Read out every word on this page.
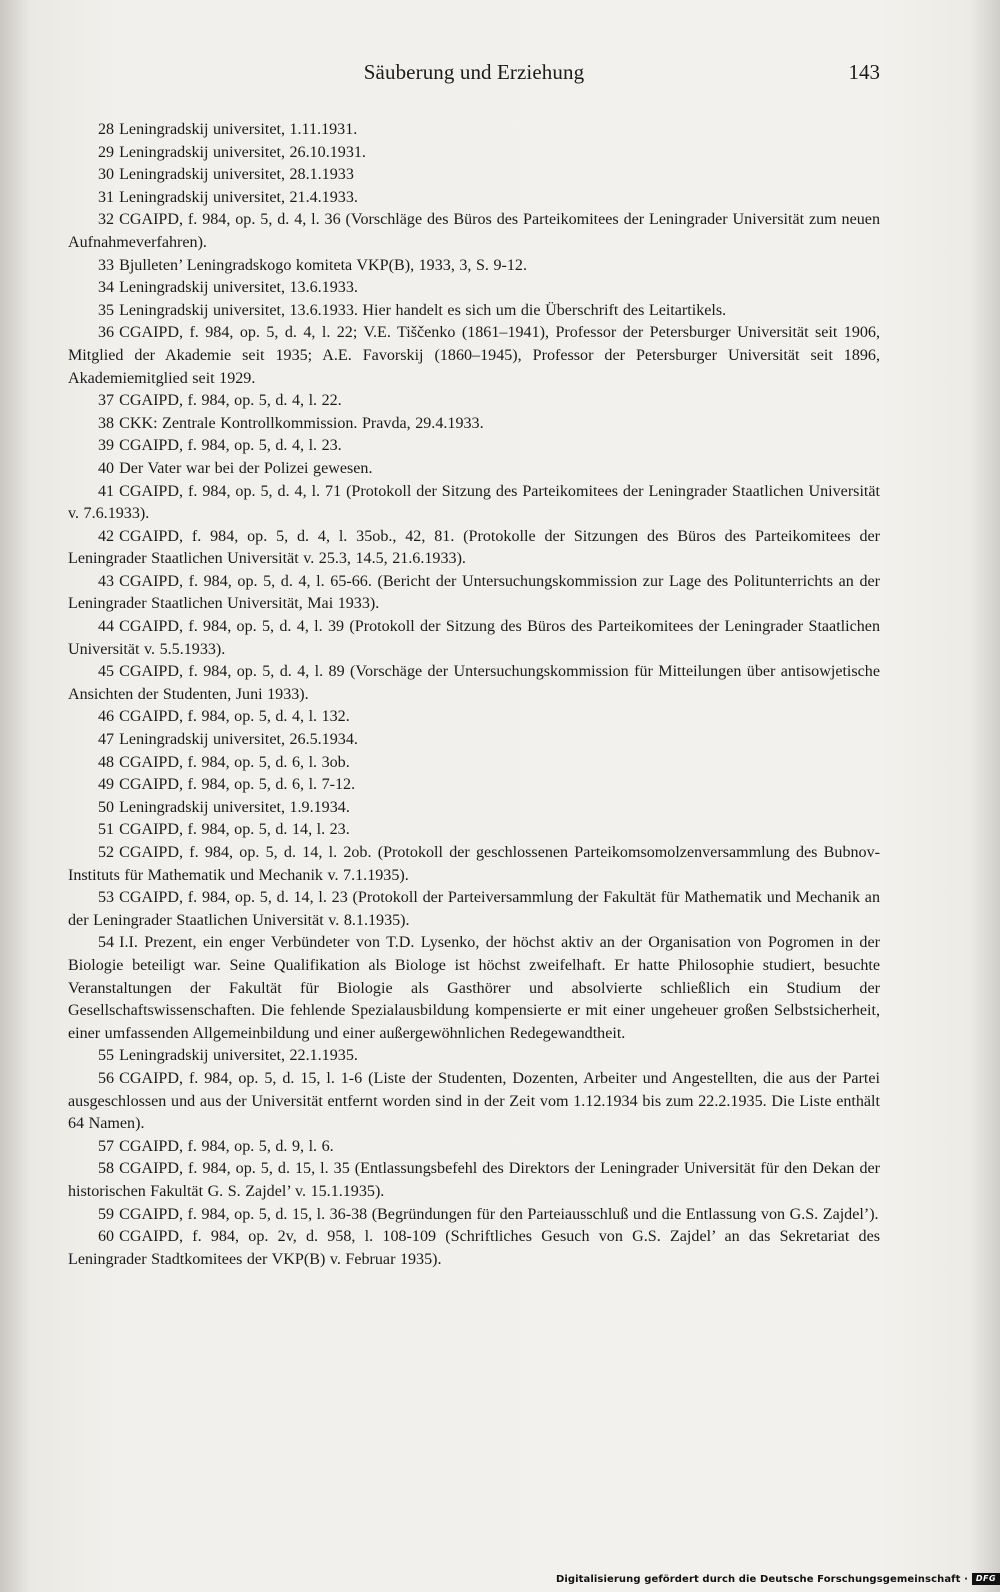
Säuberung und Erziehung	143

28 Leningradskij universitet, 1.11.1931.

29 Leningradskij universitet, 26.10.1931.

30 Leningradskij universitet, 28.1.1933

31 Leningradskij universitet, 21.4.1933.

32 CGAIPD, f. 984, op. 5, d. 4, l. 36 (Vorschläge des Büros des Parteikomitees der Leningrader Universität zum neuen Aufnahmeverfahren).

33 Bjulleten’ Leningradskogo komiteta VKP(B), 1933, 3, S. 9-12.

34 Leningradskij universitet, 13.6.1933.

35 Leningradskij universitet, 13.6.1933. Hier handelt es sich um die Überschrift des Leitartikels.

36 CGAIPD, f. 984, op. 5, d. 4, l. 22; V.E. Tiščenko (1861–1941), Professor der Petersburger Universität seit 1906, Mitglied der Akademie seit 1935; A.E. Favorskij (1860–1945), Professor der Petersburger Universität seit 1896, Akademiemitglied seit 1929.

37 CGAIPD, f. 984, op. 5, d. 4, l. 22.

38 CKK: Zentrale Kontrollkommission. Pravda, 29.4.1933.

39 CGAIPD, f. 984, op. 5, d. 4, l. 23.

40 Der Vater war bei der Polizei gewesen.

41 CGAIPD, f. 984, op. 5, d. 4, l. 71 (Protokoll der Sitzung des Parteikomitees der Leningrader Staatlichen Universität v. 7.6.1933).

42 CGAIPD, f. 984, op. 5, d. 4, l. 35ob., 42, 81. (Protokolle der Sitzungen des Büros des Parteikomitees der Leningrader Staatlichen Universität v. 25.3, 14.5, 21.6.1933).

43 CGAIPD, f. 984, op. 5, d. 4, l. 65-66. (Bericht der Untersuchungskommission zur Lage des Politunterrichts an der Leningrader Staatlichen Universität, Mai 1933).

44 CGAIPD, f. 984, op. 5, d. 4, l. 39 (Protokoll der Sitzung des Büros des Parteikomitees der Leningrader Staatlichen Universität v. 5.5.1933).

45 CGAIPD, f. 984, op. 5, d. 4, l. 89 (Vorschäge der Untersuchungskommission für Mitteilungen über antisowjetische Ansichten der Studenten, Juni 1933).

46 CGAIPD, f. 984, op. 5, d. 4, l. 132.

47 Leningradskij universitet, 26.5.1934.

48 CGAIPD, f. 984, op. 5, d. 6, l. 3ob.

49 CGAIPD, f. 984, op. 5, d. 6, l. 7-12.

50 Leningradskij universitet, 1.9.1934.

51 CGAIPD, f. 984, op. 5, d. 14, l. 23.

52 CGAIPD, f. 984, op. 5, d. 14, l. 2ob. (Protokoll der geschlossenen Parteikomsomolzenversammlung des Bubnov-Instituts für Mathematik und Mechanik v. 7.1.1935).

53 CGAIPD, f. 984, op. 5, d. 14, l. 23 (Protokoll der Parteiversammlung der Fakultät für Mathematik und Mechanik an der Leningrader Staatlichen Universität v. 8.1.1935).

54 I.I. Prezent, ein enger Verbündeter von T.D. Lysenko, der höchst aktiv an der Organisation von Pogromen in der Biologie beteiligt war. Seine Qualifikation als Biologe ist höchst zweifelhaft. Er hatte Philosophie studiert, besuchte Veranstaltungen der Fakultät für Biologie als Gasthörer und absolvierte schließlich ein Studium der Gesellschaftswissenschaften. Die fehlende Spezialausbildung kompensierte er mit einer ungeheuer großen Selbstsicherheit, einer umfassenden Allgemeinbildung und einer außergewöhnlichen Redegewandtheit.

55 Leningradskij universitet, 22.1.1935.

56 CGAIPD, f. 984, op. 5, d. 15, l. 1-6 (Liste der Studenten, Dozenten, Arbeiter und Angestellten, die aus der Partei ausgeschlossen und aus der Universität entfernt worden sind in der Zeit vom 1.12.1934 bis zum 22.2.1935. Die Liste enthält 64 Namen).

57 CGAIPD, f. 984, op. 5, d. 9, l. 6.

58 CGAIPD, f. 984, op. 5, d. 15, l. 35 (Entlassungsbefehl des Direktors der Leningrader Universität für den Dekan der historischen Fakultät G. S. Zajdel’ v. 15.1.1935).

59 CGAIPD, f. 984, op. 5, d. 15, l. 36-38 (Begründungen für den Parteiausschluß und die Entlassung von G.S. Zajdel’).

60 CGAIPD, f. 984, op. 2v, d. 958, l. 108-109 (Schriftliches Gesuch von G.S. Zajdel’ an das Sekretariat des Leningrader Stadtkomitees der VKP(B) v. Februar 1935).

Digitalisierung gefördert durch die Deutsche Forschungsgemeinschaft · DFG
